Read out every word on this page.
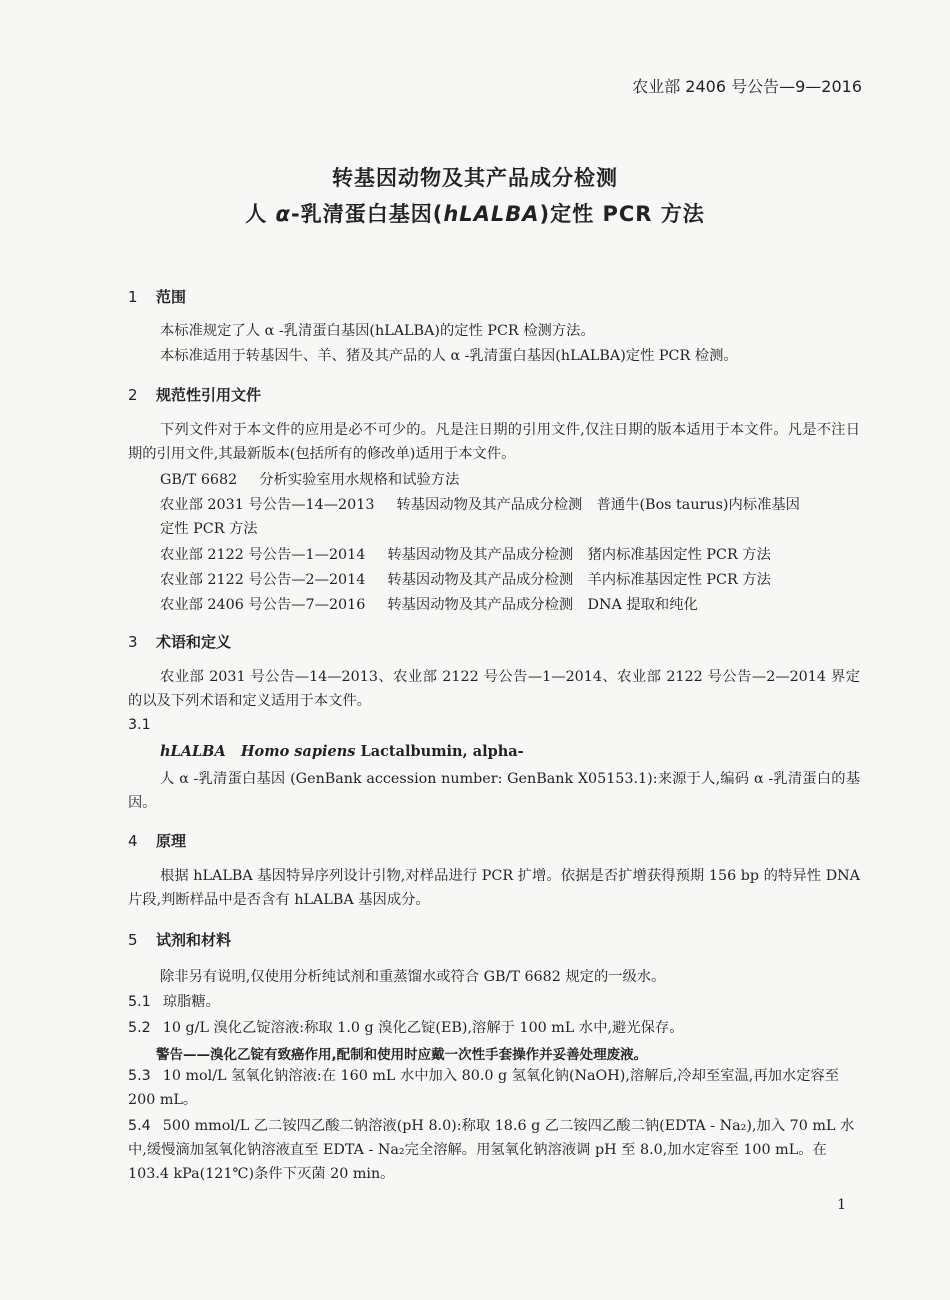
农业部 2406 号公告—9—2016
转基因动物及其产品成分检测
人 α-乳清蛋白基因(hLALBA)定性 PCR 方法
1 范围
本标准规定了人 α -乳清蛋白基因(hLALBA)的定性 PCR 检测方法。
本标准适用于转基因牛、羊、猪及其产品的人 α -乳清蛋白基因(hLALBA)定性 PCR 检测。
2 规范性引用文件
下列文件对于本文件的应用是必不可少的。凡是注日期的引用文件,仅注日期的版本适用于本文件。凡是不注日期的引用文件,其最新版本(包括所有的修改单)适用于本文件。
GB/T 6682 分析实验室用水规格和试验方法
农业部 2031 号公告—14—2013 转基因动物及其产品成分检测　普通牛(Bos taurus)内标准基因
定性 PCR 方法
农业部 2122 号公告—1—2014 转基因动物及其产品成分检测　猪内标准基因定性 PCR 方法
农业部 2122 号公告—2—2014 转基因动物及其产品成分检测　羊内标准基因定性 PCR 方法
农业部 2406 号公告—7—2016 转基因动物及其产品成分检测　DNA 提取和纯化
3 术语和定义
农业部 2031 号公告—14—2013、农业部 2122 号公告—1—2014、农业部 2122 号公告—2—2014 界定的以及下列术语和定义适用于本文件。
3.1
hLALBA Homo sapiens Lactalbumin, alpha-
人 α -乳清蛋白基因 (GenBank accession number: GenBank X05153.1):来源于人,编码 α -乳清蛋白的基因。
4 原理
根据 hLALBA 基因特异序列设计引物,对样品进行 PCR 扩增。依据是否扩增获得预期 156 bp 的特异性 DNA 片段,判断样品中是否含有 hLALBA 基因成分。
5 试剂和材料
除非另有说明,仅使用分析纯试剂和重蒸馏水或符合 GB/T 6682 规定的一级水。
5.1 琼脂糖。
5.2 10 g/L 溴化乙锭溶液:称取 1.0 g 溴化乙锭(EB),溶解于 100 mL 水中,避光保存。
警告——溴化乙锭有致癌作用,配制和使用时应戴一次性手套操作并妥善处理废液。
5.3 10 mol/L 氢氧化钠溶液:在 160 mL 水中加入 80.0 g 氢氧化钠(NaOH),溶解后,冷却至室温,再加水定容至 200 mL。
5.4 500 mmol/L 乙二铵四乙酸二钠溶液(pH 8.0):称取 18.6 g 乙二铵四乙酸二钠(EDTA - Na₂),加入 70 mL 水中,缓慢滴加氢氧化钠溶液直至 EDTA - Na₂完全溶解。用氢氧化钠溶液调 pH 至 8.0,加水定容至 100 mL。在 103.4 kPa(121℃)条件下灭菌 20 min。
1
